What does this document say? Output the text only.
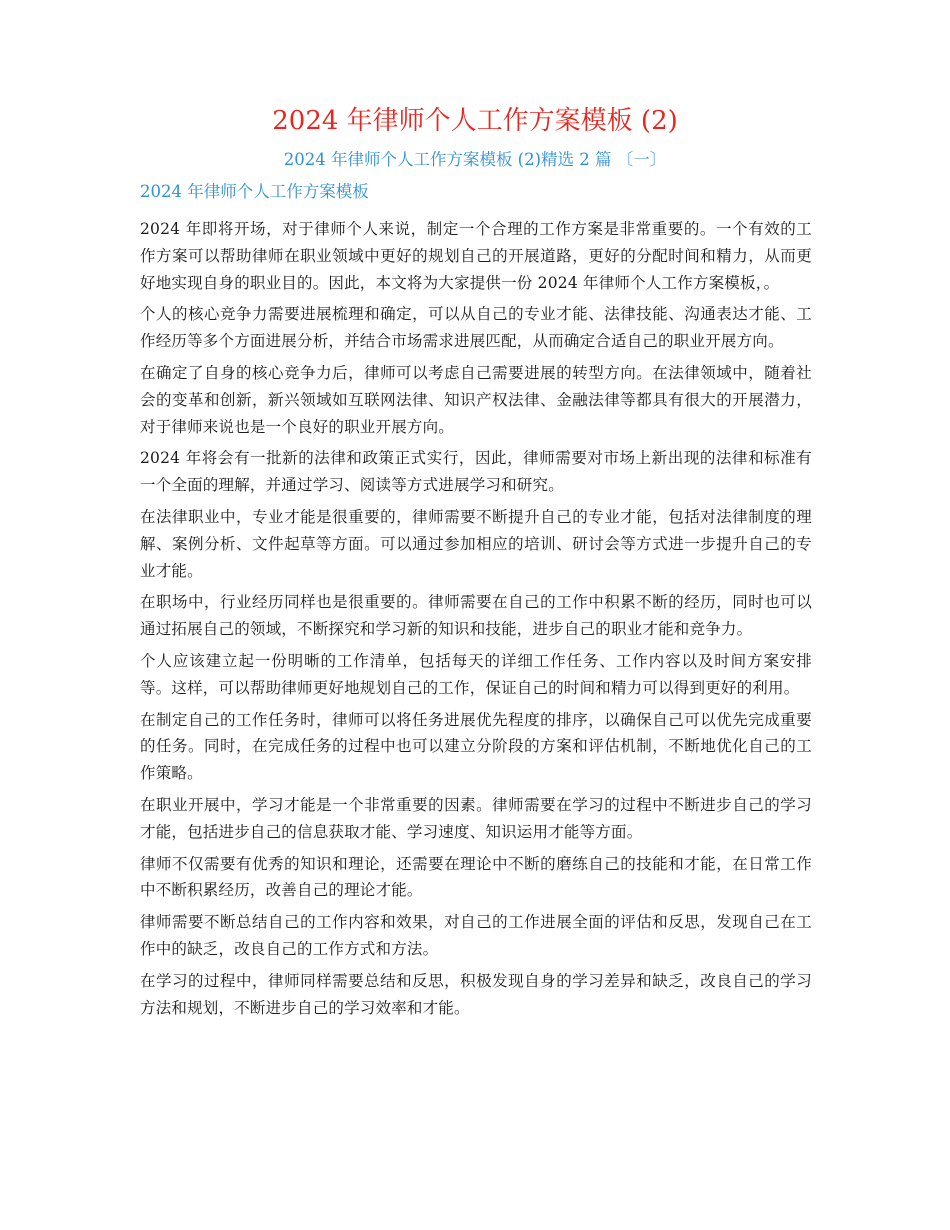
2024 年律师个人工作方案模板 (2)
2024 年律师个人工作方案模板 (2)精选 2 篇 〔一〕
2024 年律师个人工作方案模板

2024 年即将开场，对于律师个人来说，制定一个合理的工作方案是非常重要的。一个有效的工作方案可以帮助律师在职业领域中更好的规划自己的开展道路，更好的分配时间和精力，从而更好地实现自身的职业目的。因此，本文将为大家提供一份 2024 年律师个人工作方案模板，。

个人的核心竞争力需要进展梳理和确定，可以从自己的专业才能、法律技能、沟通表达才能、工作经历等多个方面进展分析，并结合市场需求进展匹配，从而确定合适自己的职业开展方向。

在确定了自身的核心竞争力后，律师可以考虑自己需要进展的转型方向。在法律领域中，随着社会的变革和创新，新兴领域如互联网法律、知识产权法律、金融法律等都具有很大的开展潜力，对于律师来说也是一个良好的职业开展方向。

2024 年将会有一批新的法律和政策正式实行，因此，律师需要对市场上新出现的法律和标准有一个全面的理解，并通过学习、阅读等方式进展学习和研究。

在法律职业中，专业才能是很重要的，律师需要不断提升自己的专业才能，包括对法律制度的理解、案例分析、文件起草等方面。可以通过参加相应的培训、研讨会等方式进一步提升自己的专业才能。

在职场中，行业经历同样也是很重要的。律师需要在自己的工作中积累不断的经历，同时也可以通过拓展自己的领域，不断探究和学习新的知识和技能，进步自己的职业才能和竞争力。

个人应该建立起一份明晰的工作清单，包括每天的详细工作任务、工作内容以及时间方案安排等。这样，可以帮助律师更好地规划自己的工作，保证自己的时间和精力可以得到更好的利用。

在制定自己的工作任务时，律师可以将任务进展优先程度的排序，以确保自己可以优先完成重要的任务。同时，在完成任务的过程中也可以建立分阶段的方案和评估机制，不断地优化自己的工作策略。

在职业开展中，学习才能是一个非常重要的因素。律师需要在学习的过程中不断进步自己的学习才能，包括进步自己的信息获取才能、学习速度、知识运用才能等方面。

律师不仅需要有优秀的知识和理论，还需要在理论中不断的磨练自己的技能和才能，在日常工作中不断积累经历，改善自己的理论才能。

律师需要不断总结自己的工作内容和效果，对自己的工作进展全面的评估和反思，发现自己在工作中的缺乏，改良自己的工作方式和方法。

在学习的过程中，律师同样需要总结和反思，积极发现自身的学习差异和缺乏，改良自己的学习方法和规划，不断进步自己的学习效率和才能。
